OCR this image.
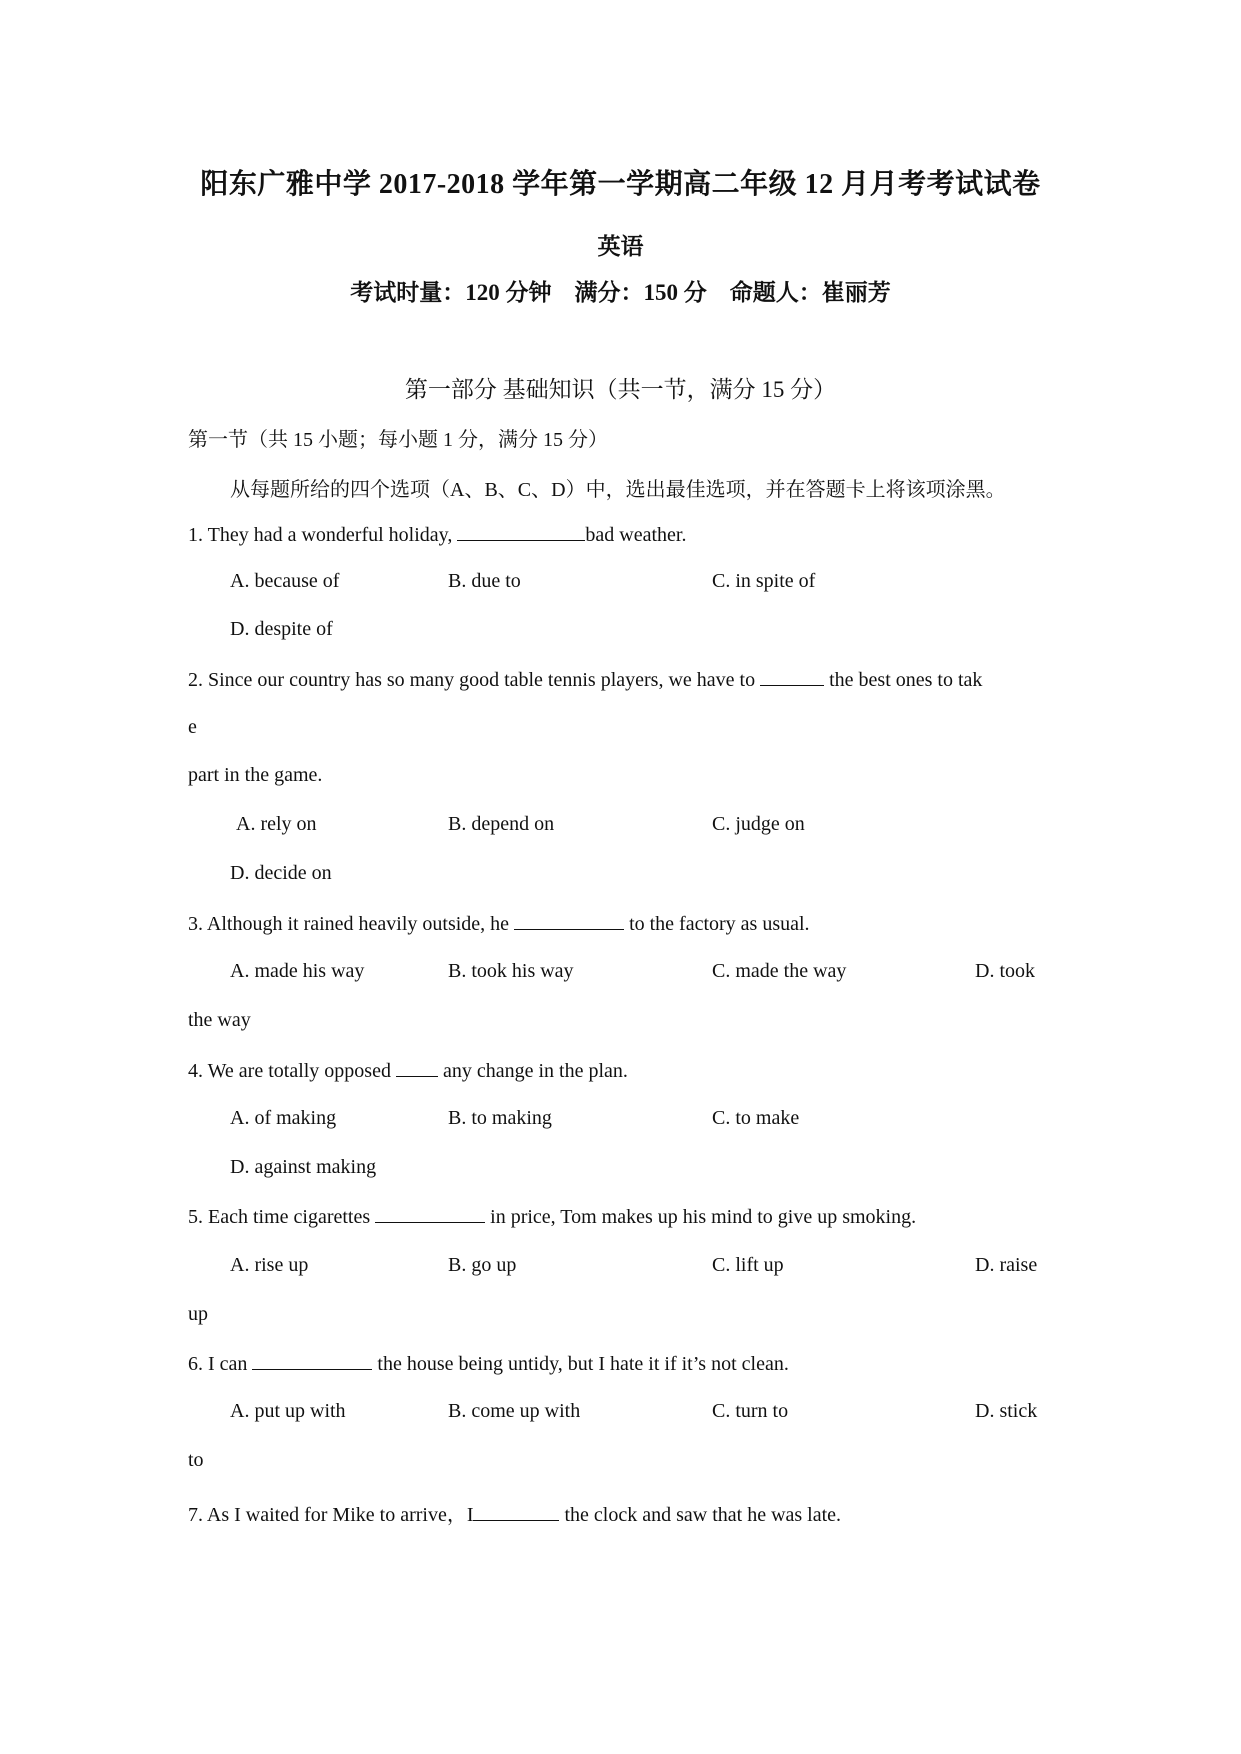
阳东广雅中学 2017-2018 学年第一学期高二年级 12 月月考考试试卷
英语
考试时量：120 分钟　满分：150 分　命题人：崔丽芳
第一部分 基础知识（共一节，满分 15 分）
第一节（共 15 小题；每小题 1 分，满分 15 分）
从每题所给的四个选项（A、B、C、D）中，选出最佳选项，并在答题卡上将该项涂黑。
1. They had a wonderful holiday,	bad weather.
A. because of	B. due to	C. in spite of
D. despite of
2. Since our country has so many good table tennis players, we have to	the best ones to tak
e
part in the game.
A. rely on	B. depend on	C. judge on
D. decide on
3. Although it rained heavily outside, he	to the factory as usual.
A. made his way	B. took his way	C. made the way	D. took
the way
4. We are totally opposed  any change in the plan.
A. of making	B. to making	C. to make
D. against making
5. Each time cigarettes	in price, Tom makes up his mind to give up smoking.
A. rise up	B. go up	C. lift up	D. raise
up
6. I can	the house being untidy, but I hate it if it’s not clean.
A. put up with	B. come up with	C. turn to	D. stick
to
7. As I waited for Mike to arrive，I	the clock and saw that he was late.
